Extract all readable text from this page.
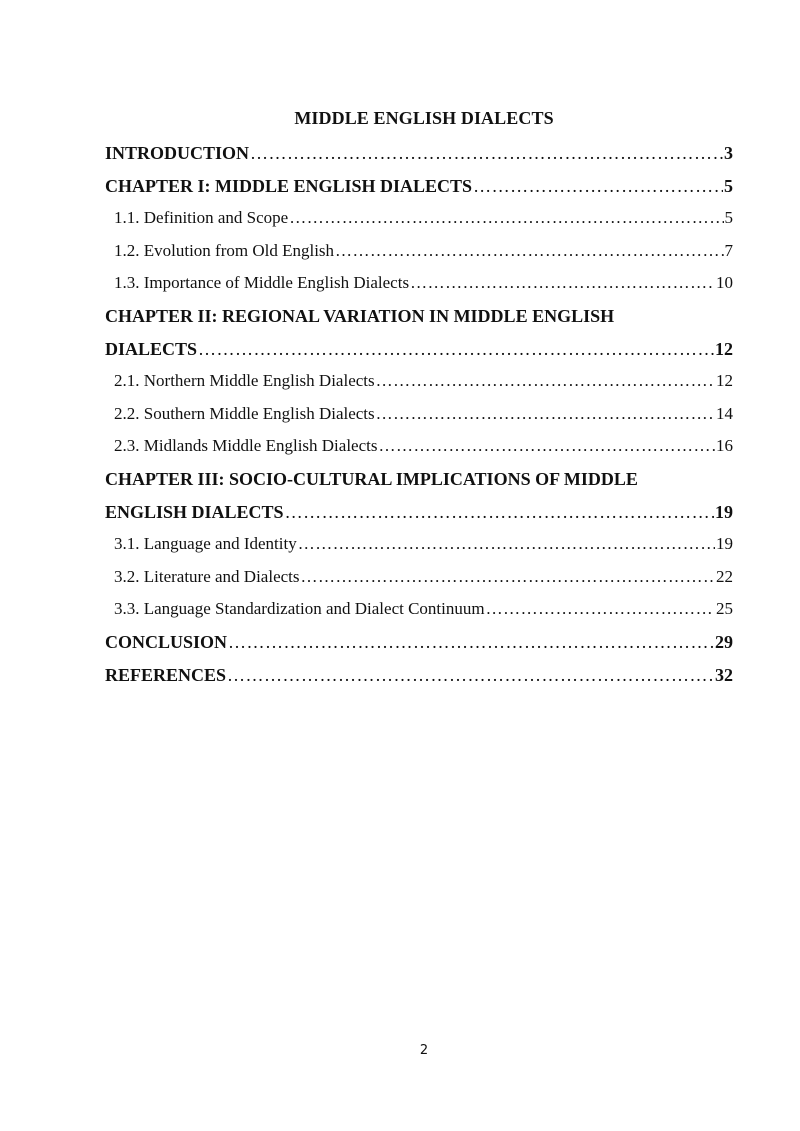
MIDDLE ENGLISH DIALECTS
INTRODUCTION …………………………………………………………………………………………………………………………………………………………………………………	3
CHAPTER I: MIDDLE ENGLISH DIALECTS …………………………………………………………………………………………………………………………………………………………………………………	5
1.1. Definition and Scope …………………………………………………………………………………………………………………………………………………………………………………	5
1.2. Evolution from Old English …………………………………………………………………………………………………………………………………………………………………………………	7
1.3. Importance of Middle English Dialects …………………………………………………………………………………………………………………………………………………………………………………	10
CHAPTER II: REGIONAL VARIATION IN MIDDLE ENGLISH
DIALECTS …………………………………………………………………………………………………………………………………………………………………………………	12
2.1. Northern Middle English Dialects …………………………………………………………………………………………………………………………………………………………………………………	12
2.2. Southern Middle English Dialects …………………………………………………………………………………………………………………………………………………………………………………	14
2.3. Midlands Middle English Dialects …………………………………………………………………………………………………………………………………………………………………………………	16
CHAPTER III: SOCIO-CULTURAL IMPLICATIONS OF MIDDLE
ENGLISH DIALECTS …………………………………………………………………………………………………………………………………………………………………………………	19
3.1. Language and Identity …………………………………………………………………………………………………………………………………………………………………………………	19
3.2. Literature and Dialects …………………………………………………………………………………………………………………………………………………………………………………	22
3.3. Language Standardization and Dialect Continuum …………………………………………………………………………………………………………………………………………………………………………………	25
CONCLUSION …………………………………………………………………………………………………………………………………………………………………………………	29
REFERENCES …………………………………………………………………………………………………………………………………………………………………………………	32
2
